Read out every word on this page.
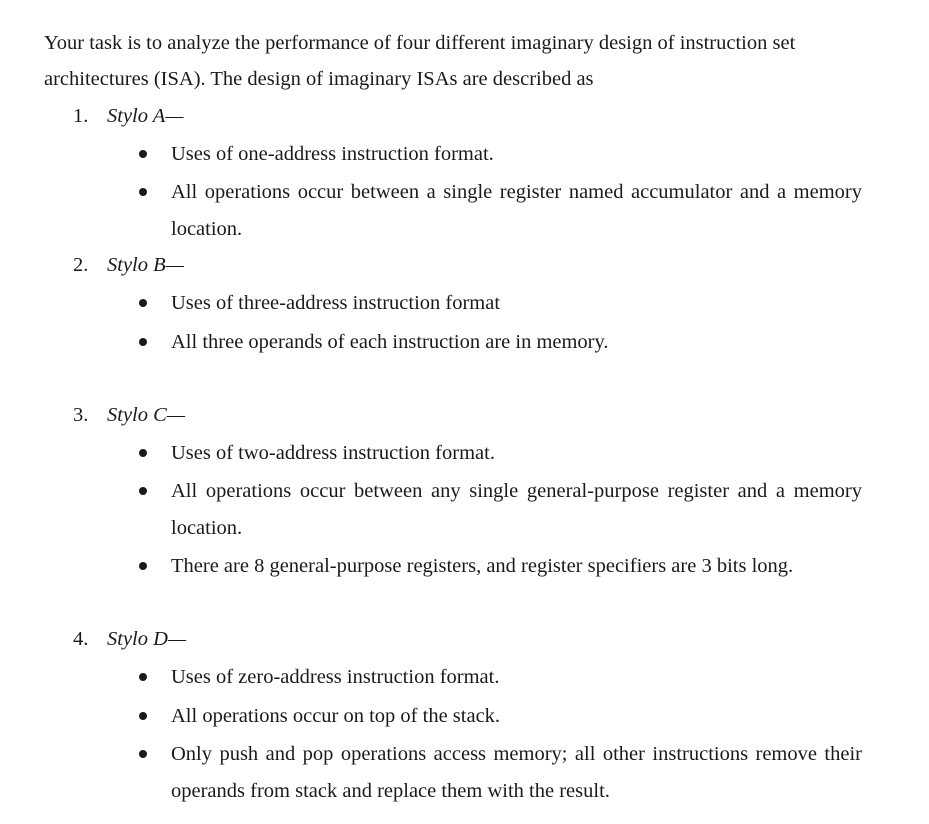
Your task is to analyze the performance of four different imaginary design of instruction set
architectures (ISA). The design of imaginary ISAs are described as
1. Stylo A—
Uses of one-address instruction format.
All operations occur between a single register named accumulator and a memory
location.
2. Stylo B—
Uses of three-address instruction format
All three operands of each instruction are in memory.
3. Stylo C—
Uses of two-address instruction format.
All operations occur between any single general-purpose register and a memory
location.
There are 8 general-purpose registers, and register specifiers are 3 bits long.
4. Stylo D—
Uses of zero-address instruction format.
All operations occur on top of the stack.
Only push and pop operations access memory; all other instructions remove their
operands from stack and replace them with the result.
